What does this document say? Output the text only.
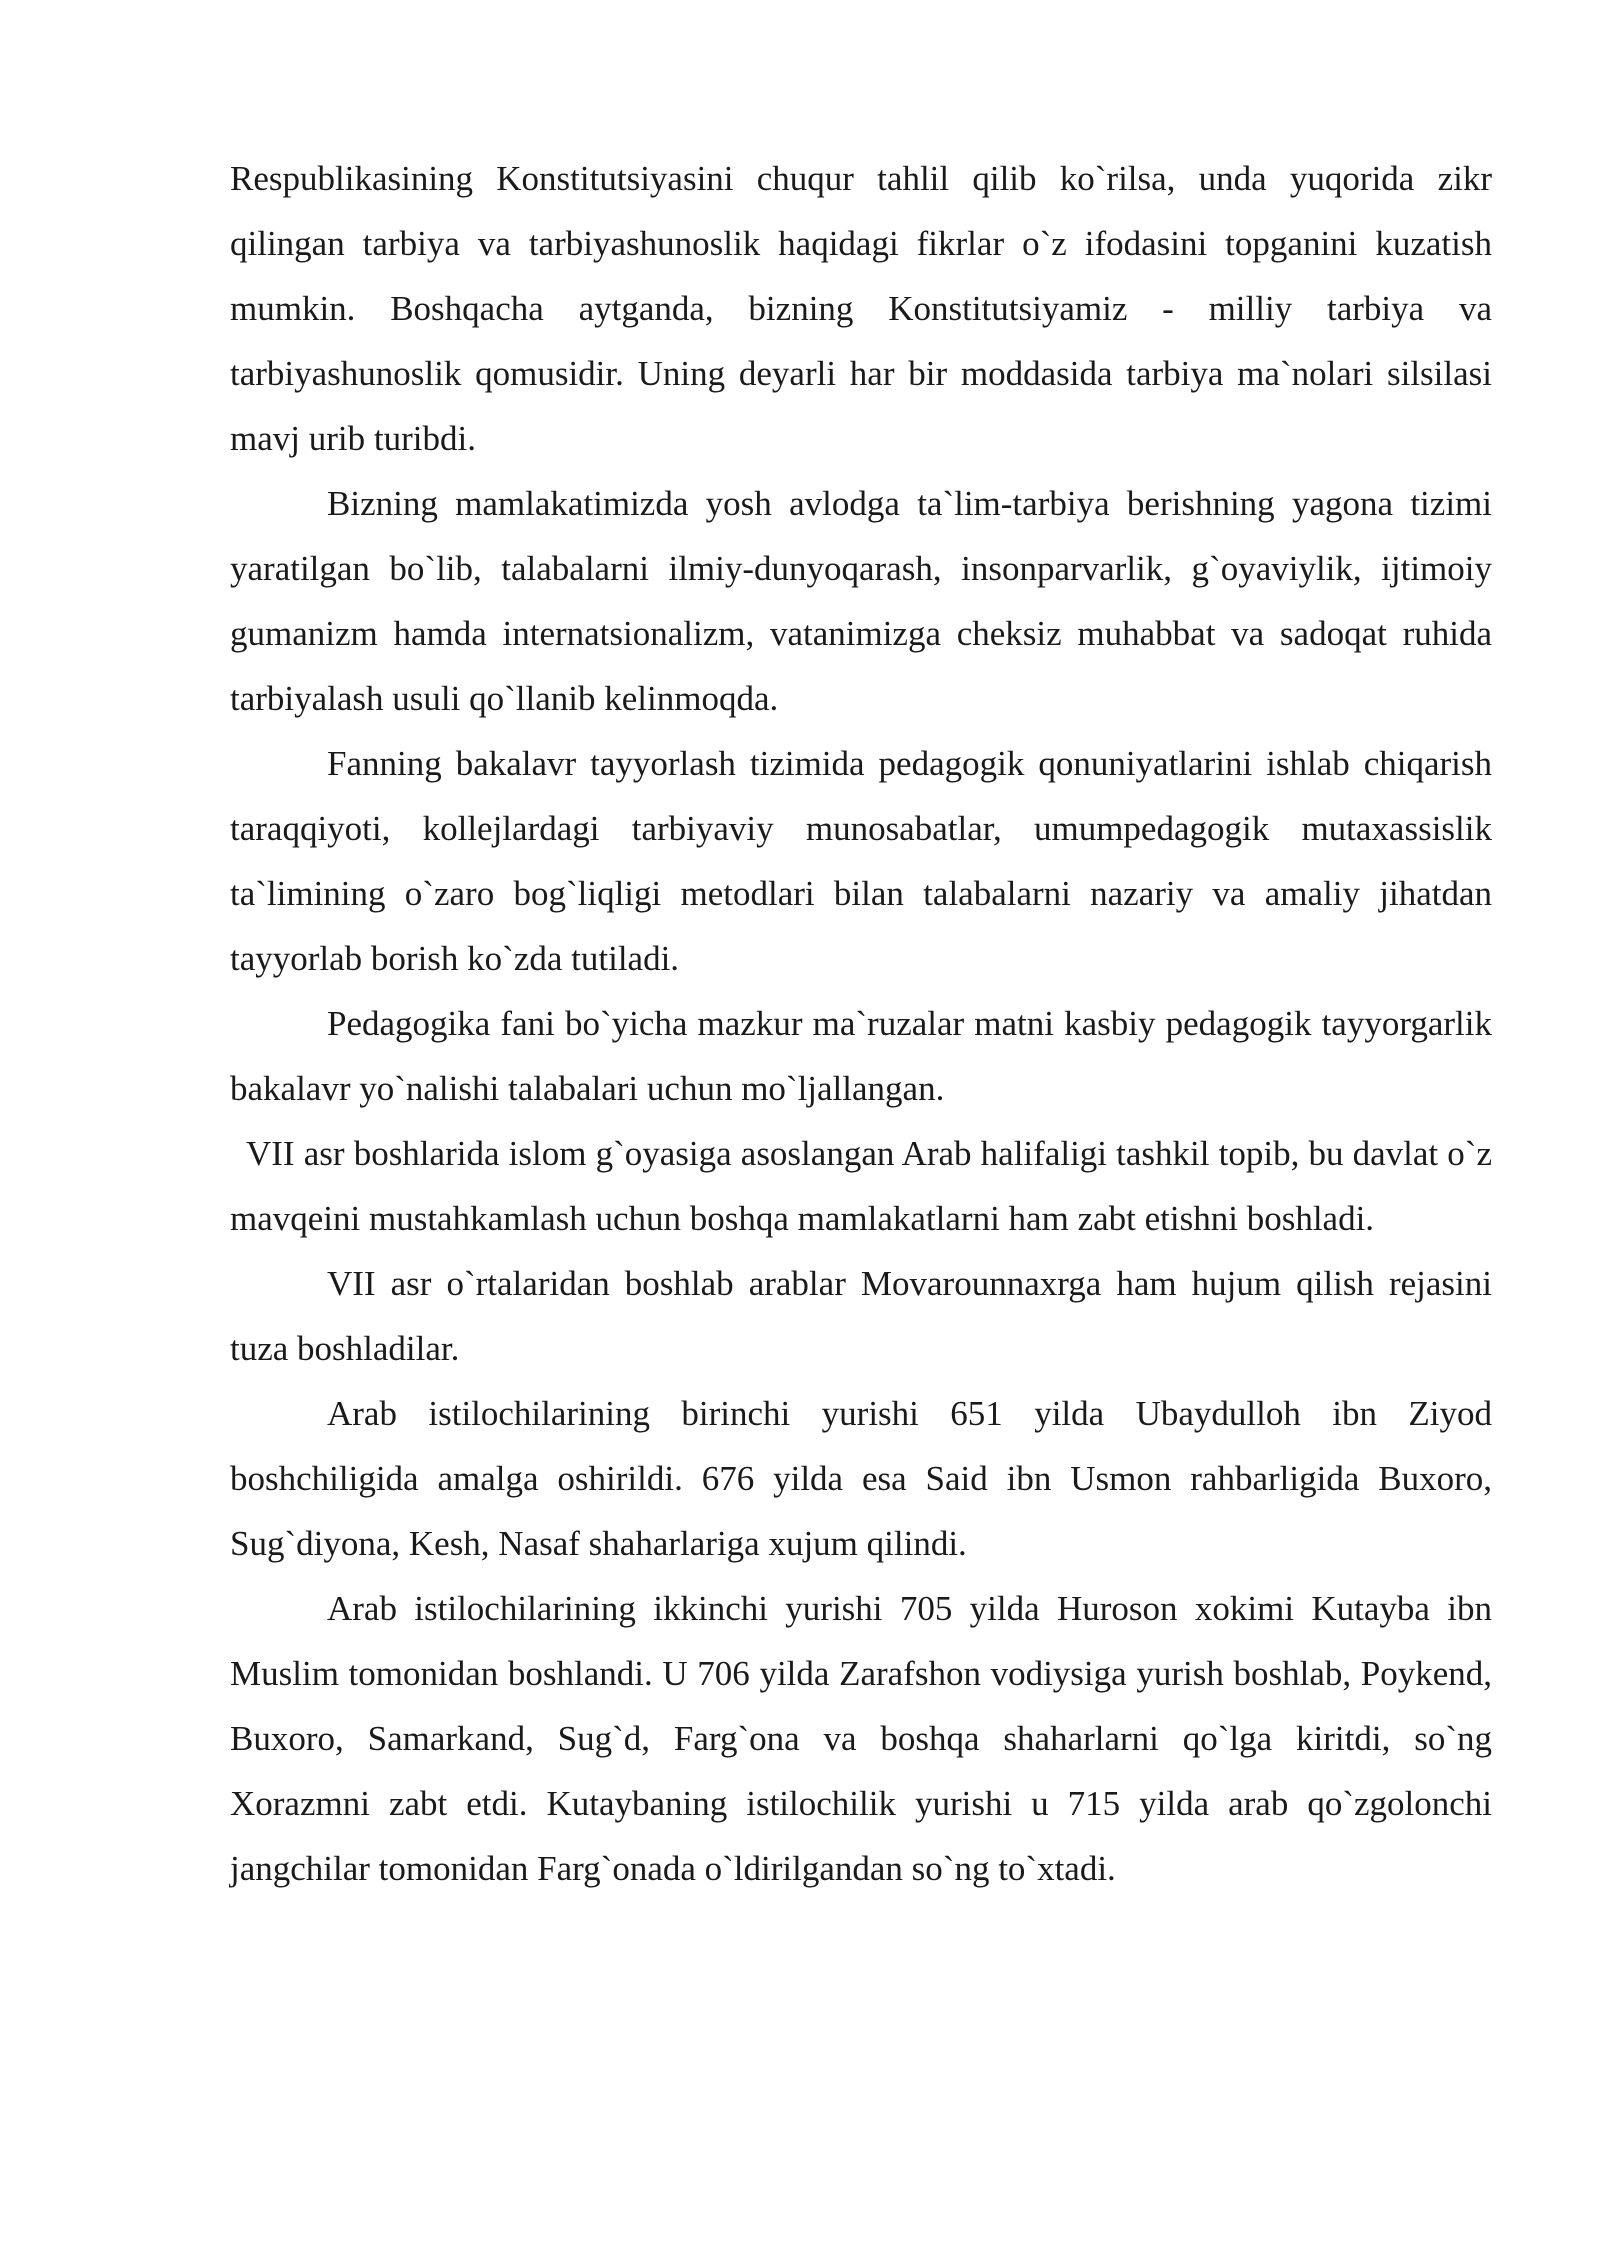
Respublikasining Konstitutsiyasini chuqur tahlil qilib ko`rilsa, unda yuqorida zikr qilingan tarbiya va tarbiyashunoslik haqidagi fikrlar o`z ifodasini topganini kuzatish mumkin. Boshqacha aytganda, bizning Konstitutsiyamiz - milliy tarbiya va tarbiyashunoslik qomusidir. Uning deyarli har bir moddasida tarbiya ma`nolari silsilasi mavj urib turibdi.

Bizning mamlakatimizda yosh avlodga ta`lim-tarbiya berishning yagona tizimi yaratilgan bo`lib, talabalarni ilmiy-dunyoqarash, insonparvarlik, g`oyaviylik, ijtimoiy gumanizm hamda internatsionalizm, vatanimizga cheksiz muhabbat va sadoqat ruhida tarbiyalash usuli qo`llanib kelinmoqda.

Fanning bakalavr tayyorlash tizimida pedagogik qonuniyatlarini ishlab chiqarish taraqqiyoti, kollejlardagi tarbiyaviy munosabatlar, umumpedagogik mutaxassislik ta`limining o`zaro bog`liqligi metodlari bilan talabalarni nazariy va amaliy jihatdan tayyorlab borish ko`zda tutiladi.

Pedagogika fani bo`yicha mazkur ma`ruzalar matni kasbiy pedagogik tayyorgarlik bakalavr yo`nalishi talabalari uchun mo`ljallangan.

VII asr boshlarida islom g`oyasiga asoslangan Arab halifaligi tashkil topib, bu davlat o`z mavqeini mustahkamlash uchun boshqa mamlakatlarni ham zabt etishni boshladi.

VII asr o`rtalaridan boshlab arablar Movarounnaxrga ham hujum qilish rejasini tuza boshladilar.

Arab istilochilarining birinchi yurishi 651 yilda Ubaydulloh ibn Ziyod boshchiligida amalga oshirildi. 676 yilda esa Said ibn Usmon rahbarligida Buxoro, Sug`diyona, Kesh, Nasaf shaharlariga xujum qilindi.

Arab istilochilarining ikkinchi yurishi 705 yilda Huroson xokimi Kutayba ibn Muslim tomonidan boshlandi. U 706 yilda Zarafshon vodiysiga yurish boshlab, Poykend, Buxoro, Samarkand, Sug`d, Farg`ona va boshqa shaharlarni qo`lga kiritdi, so`ng Xorazmni zabt etdi. Kutaybaning istilochilik yurishi u 715 yilda arab qo`zgolonchi jangchilar tomonidan Farg`onada o`ldirilgandan so`ng to`xtadi.
